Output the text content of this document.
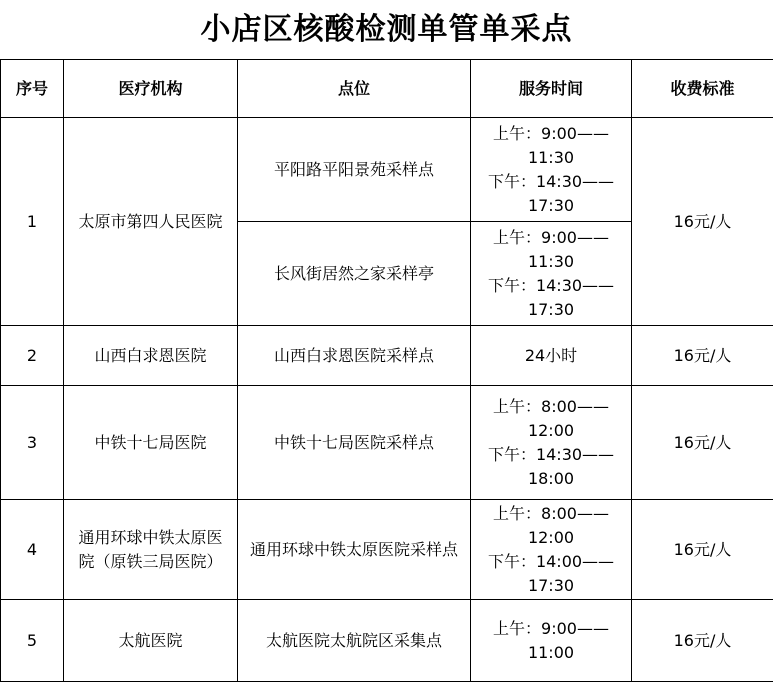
小店区核酸检测单管单采点
序号	医疗机构	点位	服务时间	收费标准
1	太原市第四人民医院	平阳路平阳景苑采样点	上午：9:00——
11:30
下午：14:30——
17:30	16元/人
		长风街居然之家采样亭	上午：9:00——
11:30
下午：14:30——
17:30	

2	山西白求恩医院	山西白求恩医院采样点	24小时	16元/人
3	中铁十七局医院	中铁十七局医院采样点	上午：8:00——
12:00
下午：14:30——
18:00	16元/人
4	通用环球中铁太原医
院（原铁三局医院）	通用环球中铁太原医院采样点	上午：8:00——
12:00
下午：14:00——
17:30	16元/人
5	太航医院	太航医院太航院区采集点	上午：9:00——
11:00	16元/人
